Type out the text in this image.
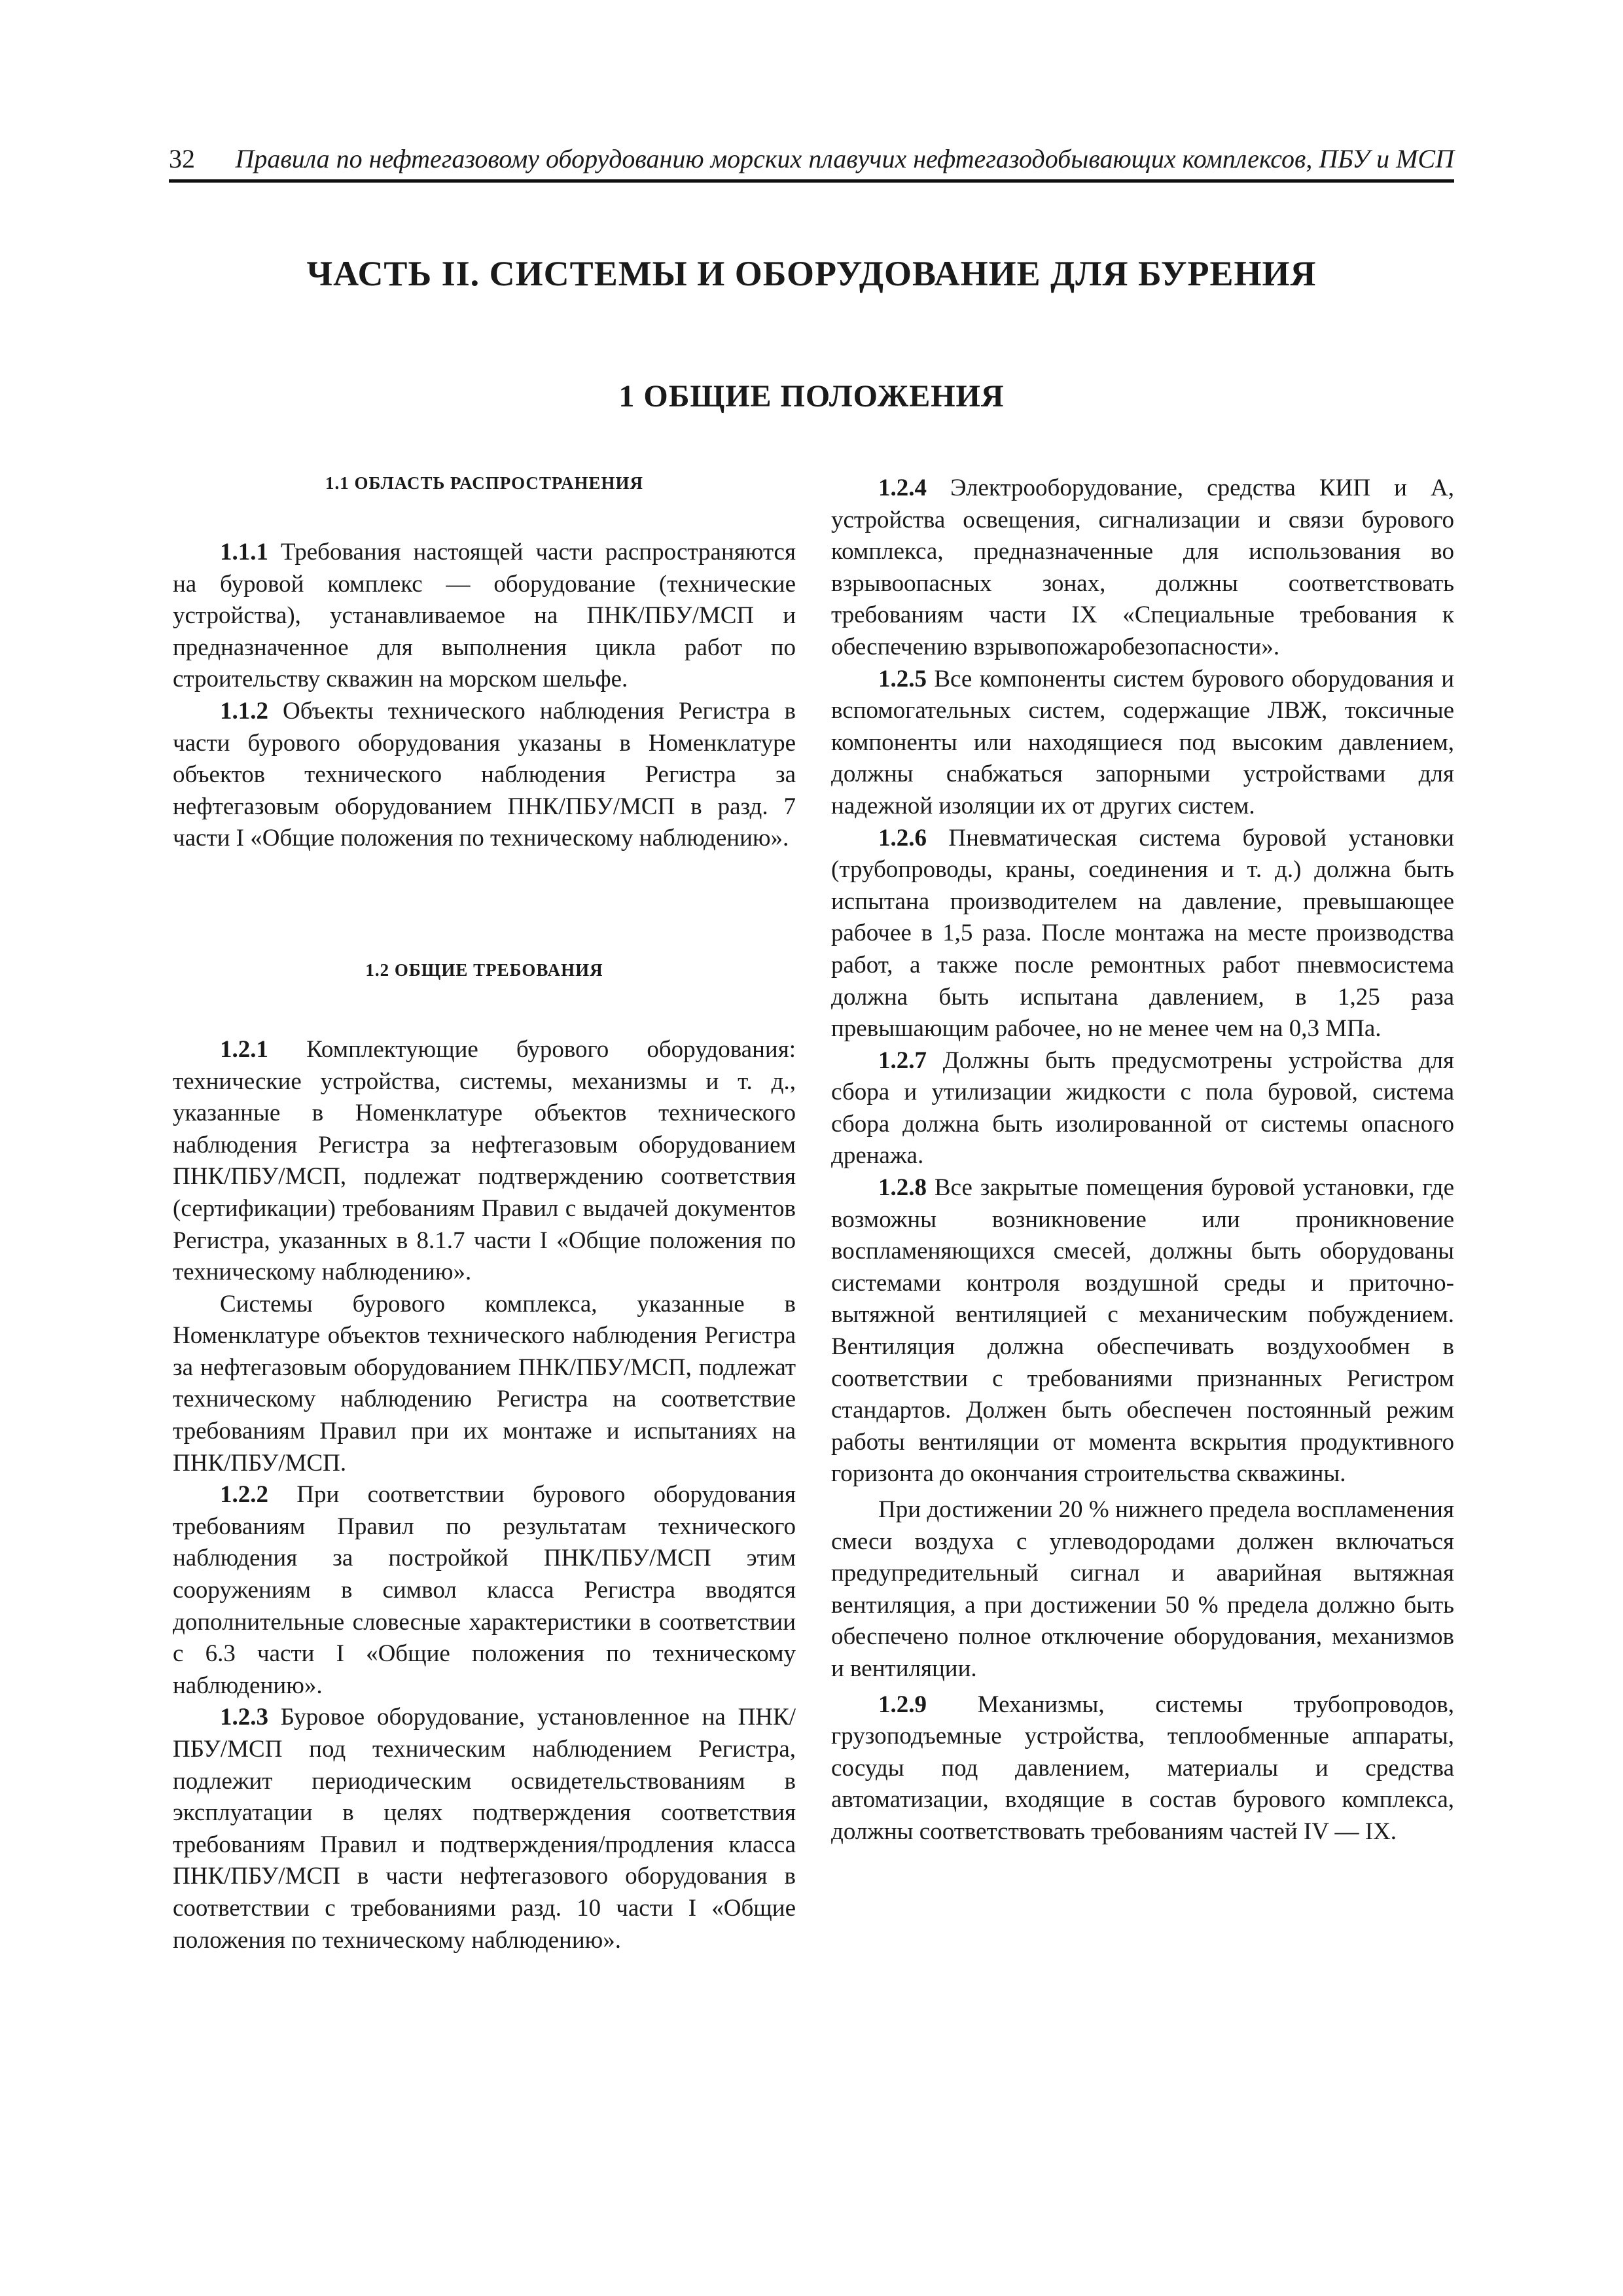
32 Правила по нефтегазовому оборудованию морских плавучих нефтегазодобывающих комплексов, ПБУ и МСП
ЧАСТЬ II. СИСТЕМЫ И ОБОРУДОВАНИЕ ДЛЯ БУРЕНИЯ
1 ОБЩИЕ ПОЛОЖЕНИЯ
1.1 ОБЛАСТЬ РАСПРОСТРАНЕНИЯ

1.1.1 Требования настоящей части распространяются на буровой комплекс — оборудование (технические устройства), устанавливаемое на ПНК/ПБУ/МСП и предназначенное для выполнения цикла работ по строительству скважин на морском шельфе.

1.1.2 Объекты технического наблюдения Регистра в части бурового оборудования указаны в Номенклатуре объектов технического наблюдения Регистра за нефтегазовым оборудованием ПНК/ПБУ/МСП в разд. 7 части I «Общие положения по техническому наблюдению».

1.2 ОБЩИЕ ТРЕБОВАНИЯ

1.2.1 Комплектующие бурового оборудования: технические устройства, системы, механизмы и т. д., указанные в Номенклатуре объектов технического наблюдения Регистра за нефтегазовым оборудованием ПНК/ПБУ/МСП, подлежат подтверждению соответствия (сертификации) требованиям Правил с выдачей документов Регистра, указанных в 8.1.7 части I «Общие положения по техническому наблюдению».

Системы бурового комплекса, указанные в Номенклатуре объектов технического наблюдения Регистра за нефтегазовым оборудованием ПНК/ПБУ/МСП, подлежат техническому наблюдению Регистра на соответствие требованиям Правил при их монтаже и испытаниях на ПНК/ПБУ/МСП.

1.2.2 При соответствии бурового оборудования требованиям Правил по результатам технического наблюдения за постройкой ПНК/ПБУ/МСП этим сооружениям в символ класса Регистра вводятся дополнительные словесные характеристики в соответствии с 6.3 части I «Общие положения по техническому наблюдению».

1.2.3 Буровое оборудование, установленное на ПНК/ПБУ/МСП под техническим наблюдением Регистра, подлежит периодическим освидетельствованиям в эксплуатации в целях подтверждения соответствия требованиям Правил и подтверждения/продления класса ПНК/ПБУ/МСП в части нефтегазового оборудования в соответствии с требованиями разд. 10 части I «Общие положения по техническому наблюдению».

1.2.4 Электрооборудование, средства КИП и А, устройства освещения, сигнализации и связи бурового комплекса, предназначенные для использования во взрывоопасных зонах, должны соответствовать требованиям части IX «Специальные требования к обеспечению взрывопожаробезопасности».

1.2.5 Все компоненты систем бурового оборудования и вспомогательных систем, содержащие ЛВЖ, токсичные компоненты или находящиеся под высоким давлением, должны снабжаться запорными устройствами для надежной изоляции их от других систем.

1.2.6 Пневматическая система буровой установки (трубопроводы, краны, соединения и т. д.) должна быть испытана производителем на давление, превышающее рабочее в 1,5 раза. После монтажа на месте производства работ, а также после ремонтных работ пневмосистема должна быть испытана давлением, в 1,25 раза превышающим рабочее, но не менее чем на 0,3 МПа.

1.2.7 Должны быть предусмотрены устройства для сбора и утилизации жидкости с пола буровой, система сбора должна быть изолированной от системы опасного дренажа.

1.2.8 Все закрытые помещения буровой установки, где возможны возникновение или проникновение воспламеняющихся смесей, должны быть оборудованы системами контроля воздушной среды и приточно-вытяжной вентиляцией с механическим побуждением. Вентиляция должна обеспечивать воздухообмен в соответствии с требованиями признанных Регистром стандартов. Должен быть обеспечен постоянный режим работы вентиляции от момента вскрытия продуктивного горизонта до окончания строительства скважины.

При достижении 20 % нижнего предела воспламенения смеси воздуха с углеводородами должен включаться предупредительный сигнал и аварийная вытяжная вентиляция, а при достижении 50 % предела должно быть обеспечено полное отключение оборудования, механизмов и вентиляции.

1.2.9 Механизмы, системы трубопроводов, грузоподъемные устройства, теплообменные аппараты, сосуды под давлением, материалы и средства автоматизации, входящие в состав бурового комплекса, должны соответствовать требованиям частей IV — IX.
